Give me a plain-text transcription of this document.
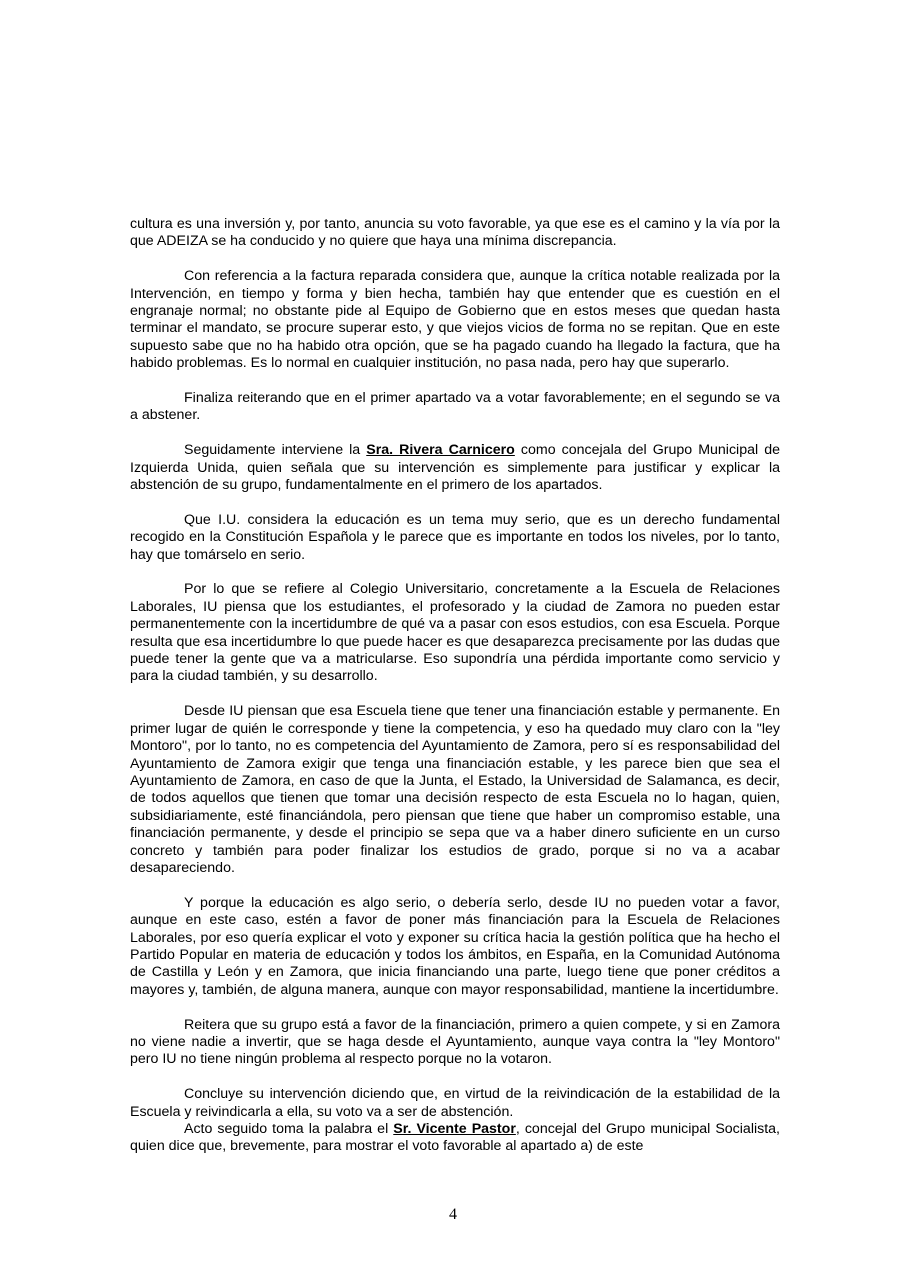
cultura es una inversión y, por tanto, anuncia su voto favorable, ya que ese es el camino y la vía por la que ADEIZA se ha conducido y no quiere que haya una mínima discrepancia.

Con referencia a la factura reparada considera que, aunque la crítica notable realizada por la Intervención, en tiempo y forma y bien hecha, también hay que entender que es cuestión en el engranaje normal; no obstante pide al Equipo de Gobierno que en estos meses que quedan hasta terminar el mandato, se procure superar esto, y que viejos vicios de forma no se repitan. Que en este supuesto sabe que no ha habido otra opción, que se ha pagado cuando ha llegado la factura, que ha habido problemas. Es lo normal en cualquier institución, no pasa nada, pero hay que superarlo.

Finaliza reiterando que en el primer apartado va a votar favorablemente; en el segundo se va a abstener.

Seguidamente interviene la Sra. Rivera Carnicero como concejala del Grupo Municipal de Izquierda Unida, quien señala que su intervención es simplemente para justificar y explicar la abstención de su grupo, fundamentalmente en el primero de los apartados.

Que I.U. considera la educación es un tema muy serio, que es un derecho fundamental recogido en la Constitución Española y le parece que es importante en todos los niveles, por lo tanto, hay que tomárselo en serio.

Por lo que se refiere al Colegio Universitario, concretamente a la Escuela de Relaciones Laborales, IU piensa que los estudiantes, el profesorado y la ciudad de Zamora no pueden estar permanentemente con la incertidumbre de qué va a pasar con esos estudios, con esa Escuela. Porque resulta que esa incertidumbre lo que puede hacer es que desaparezca precisamente por las dudas que puede tener la gente que va a matricularse. Eso supondría una pérdida importante como servicio y para la ciudad también, y su desarrollo.

Desde IU piensan que esa Escuela tiene que tener una financiación estable y permanente. En primer lugar de quién le corresponde y tiene la competencia, y eso ha quedado muy claro con la "ley Montoro", por lo tanto, no es competencia del Ayuntamiento de Zamora, pero sí es responsabilidad del Ayuntamiento de Zamora exigir que tenga una financiación estable, y les parece bien que sea el Ayuntamiento de Zamora, en caso de que la Junta, el Estado, la Universidad de Salamanca, es decir, de todos aquellos que tienen que tomar una decisión respecto de esta Escuela no lo hagan, quien, subsidiariamente, esté financiándola, pero piensan que tiene que haber un compromiso estable, una financiación permanente, y desde el principio se sepa que va a haber dinero suficiente en un curso concreto y también para poder finalizar los estudios de grado, porque si no va a acabar desapareciendo.

Y porque la educación es algo serio, o debería serlo, desde IU no pueden votar a favor, aunque en este caso, estén a favor de poner más financiación para la Escuela de Relaciones Laborales, por eso quería explicar el voto y exponer su crítica hacia la gestión política que ha hecho el Partido Popular en materia de educación y todos los ámbitos, en España, en la Comunidad Autónoma de Castilla y León y en Zamora, que inicia financiando una parte, luego tiene que poner créditos a mayores y, también, de alguna manera, aunque con mayor responsabilidad, mantiene la incertidumbre.

Reitera que su grupo está a favor de la financiación, primero a quien compete, y si en Zamora no viene nadie a invertir, que se haga desde el Ayuntamiento, aunque vaya contra la "ley Montoro" pero IU no tiene ningún problema al respecto porque no la votaron.

Concluye su intervención diciendo que, en virtud de la reivindicación de la estabilidad de la Escuela y reivindicarla a ella, su voto va a ser de abstención.

Acto seguido toma la palabra el Sr. Vicente Pastor, concejal del Grupo municipal Socialista, quien dice que, brevemente, para mostrar el voto favorable al apartado a) de este

4
